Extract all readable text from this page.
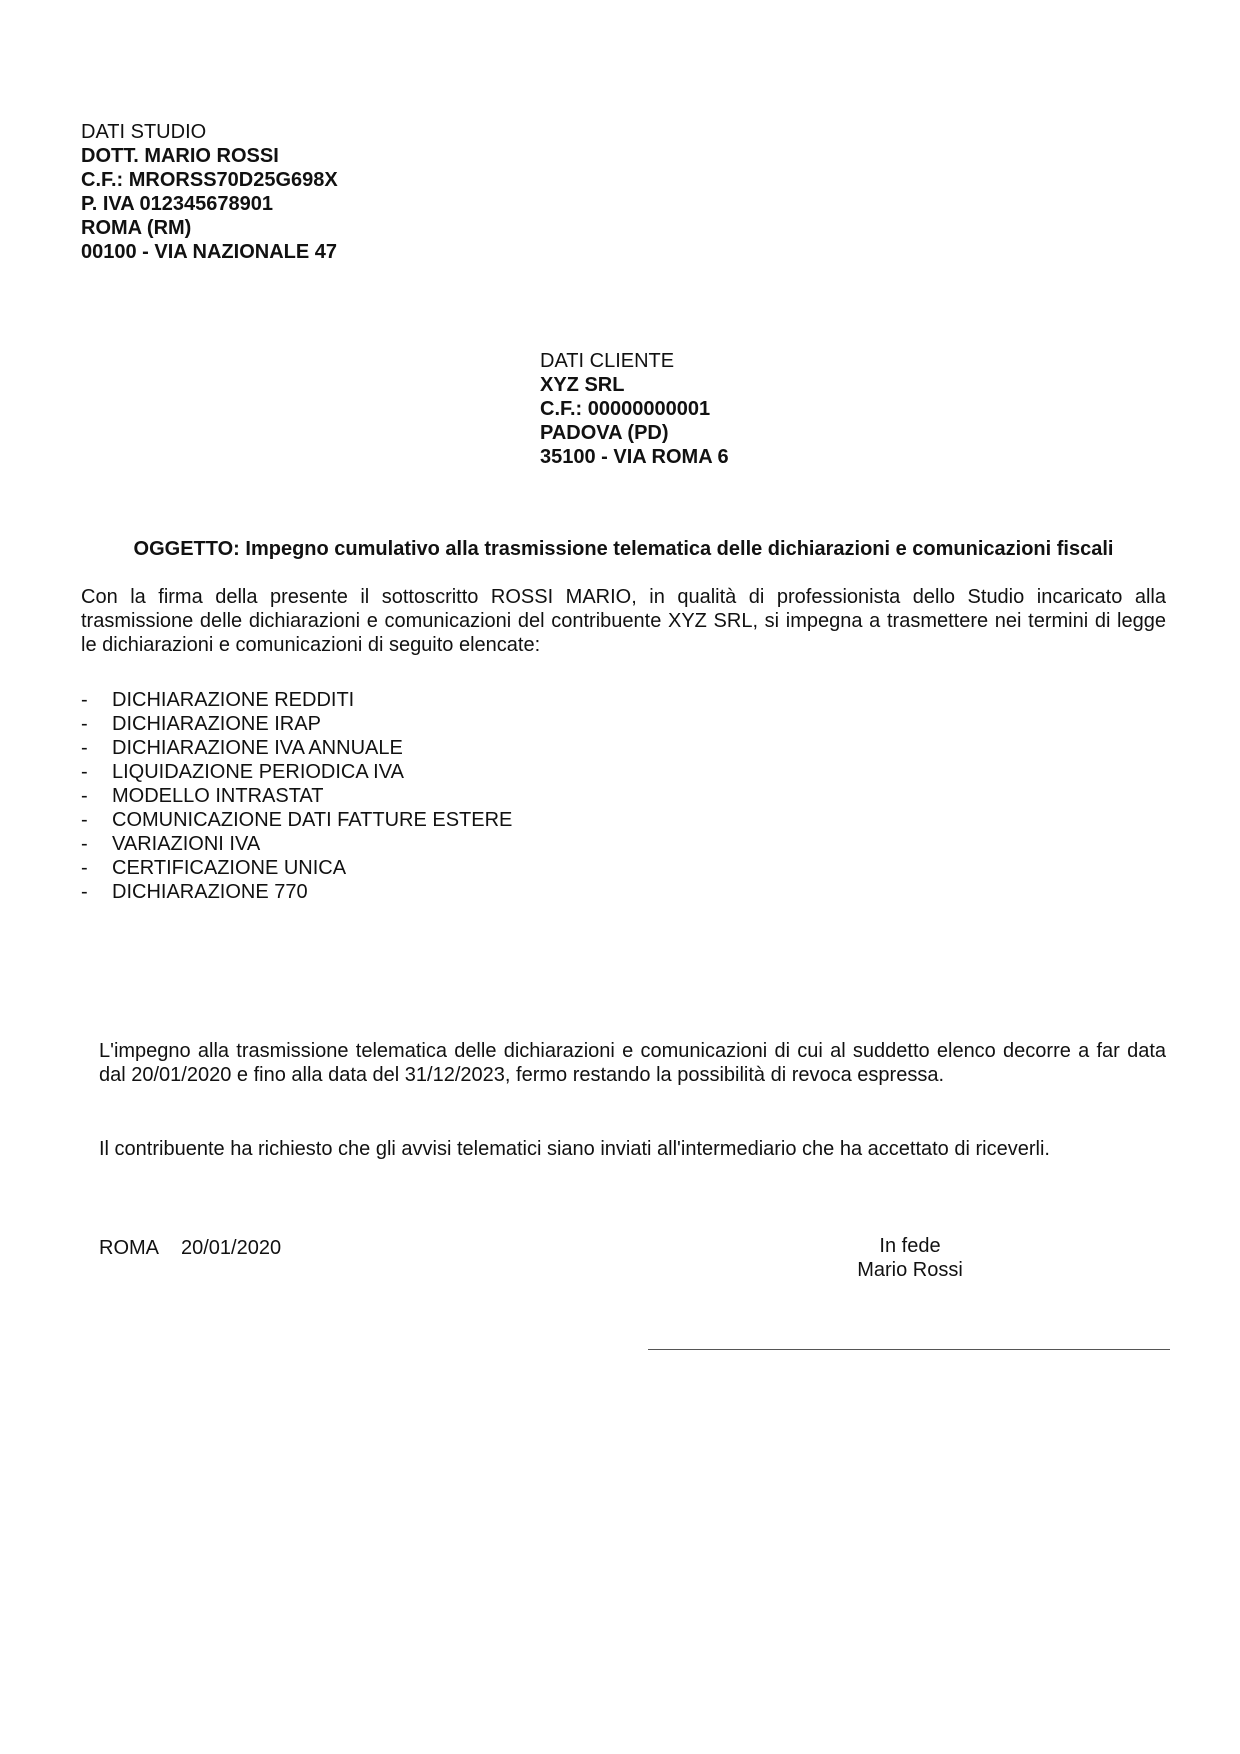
DATI STUDIO
DOTT. MARIO ROSSI
C.F.: MRORSS70D25G698X
P. IVA 012345678901
ROMA (RM)
00100 - VIA NAZIONALE 47
DATI CLIENTE
XYZ SRL
C.F.: 00000000001
PADOVA (PD)
35100 - VIA ROMA 6
OGGETTO: Impegno cumulativo alla trasmissione telematica delle dichiarazioni e comunicazioni fiscali
Con la firma della presente il sottoscritto ROSSI MARIO, in qualità di professionista dello Studio incaricato alla trasmissione delle dichiarazioni e comunicazioni del contribuente XYZ SRL, si impegna a trasmettere nei termini di legge le dichiarazioni e comunicazioni di seguito elencate:
- DICHIARAZIONE REDDITI
- DICHIARAZIONE IRAP
- DICHIARAZIONE IVA ANNUALE
- LIQUIDAZIONE PERIODICA IVA
- MODELLO INTRASTAT
- COMUNICAZIONE DATI FATTURE ESTERE
- VARIAZIONI IVA
- CERTIFICAZIONE UNICA
- DICHIARAZIONE 770
L'impegno alla trasmissione telematica delle dichiarazioni e comunicazioni di cui al suddetto elenco decorre a far data dal 20/01/2020 e fino alla data del 31/12/2023, fermo restando la possibilità di revoca espressa.
Il contribuente ha richiesto che gli avvisi telematici siano inviati all'intermediario che ha accettato di riceverli.
ROMA 20/01/2020	In fede
Mario Rossi
